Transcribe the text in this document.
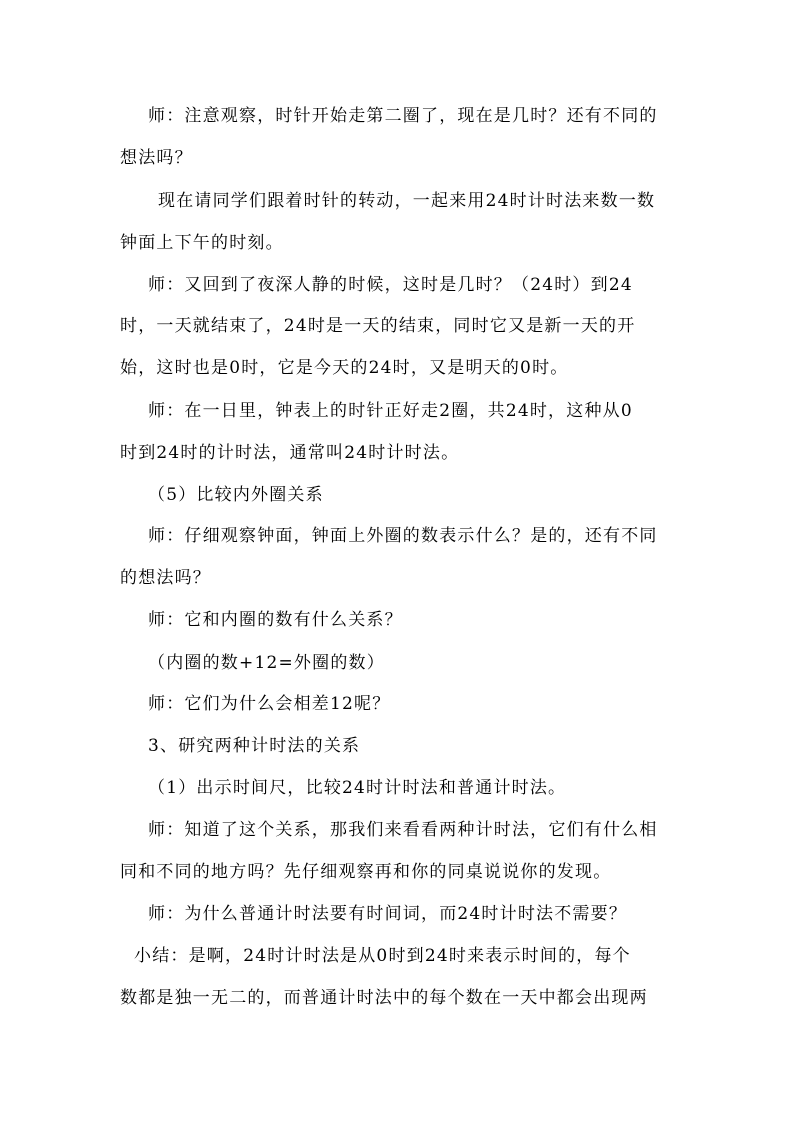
师：注意观察，时针开始走第二圈了，现在是几时？还有不同的
想法吗？
现在请同学们跟着时针的转动，一起来用24时计时法来数一数
钟面上下午的时刻。
师：又回到了夜深人静的时候，这时是几时？（24时）到24
时，一天就结束了，24时是一天的结束，同时它又是新一天的开
始，这时也是0时，它是今天的24时，又是明天的0时。
师：在一日里，钟表上的时针正好走2圈，共24时，这种从0
时到24时的计时法，通常叫24时计时法。
（5）比较内外圈关系
师：仔细观察钟面，钟面上外圈的数表示什么？是的，还有不同
的想法吗？
师：它和内圈的数有什么关系？
（内圈的数+12=外圈的数）
师：它们为什么会相差12呢？
3、研究两种计时法的关系
（1）出示时间尺，比较24时计时法和普通计时法。
师：知道了这个关系，那我们来看看两种计时法，它们有什么相
同和不同的地方吗？先仔细观察再和你的同桌说说你的发现。
师：为什么普通计时法要有时间词，而24时计时法不需要？
小结：是啊，24时计时法是从0时到24时来表示时间的，每个
数都是独一无二的，而普通计时法中的每个数在一天中都会出现两
